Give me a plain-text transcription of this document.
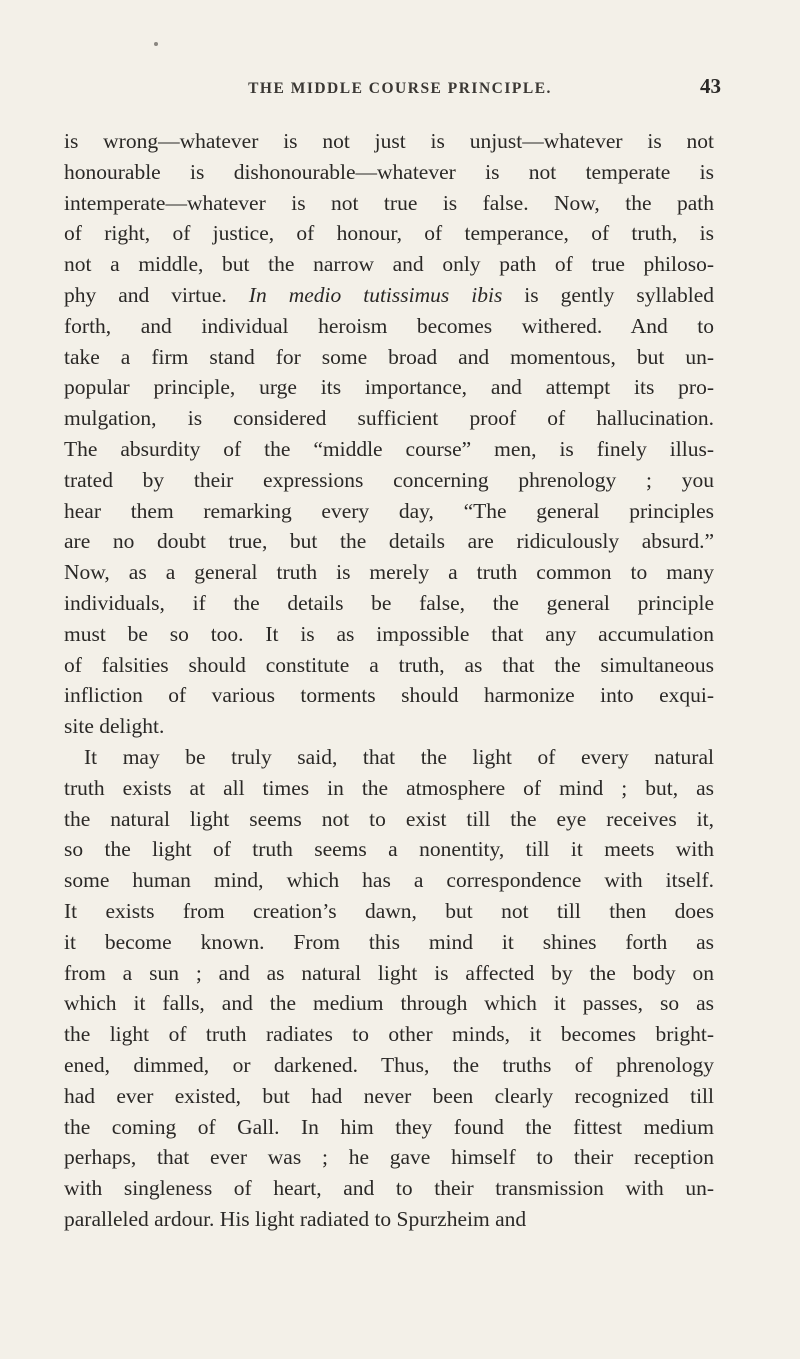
THE MIDDLE COURSE PRINCIPLE.	43
is wrong—whatever is not just is unjust—whatever is not
honourable is dishonourable—whatever is not temperate is
intemperate—whatever is not true is false. Now, the path
of right, of justice, of honour, of temperance, of truth, is
not a middle, but the narrow and only path of true philoso-
phy and virtue. In medio tutissimus ibis is gently syllabled
forth, and individual heroism becomes withered. And to
take a firm stand for some broad and momentous, but un-
popular principle, urge its importance, and attempt its pro-
mulgation, is considered sufficient proof of hallucination.
The absurdity of the “middle course” men, is finely illus-
trated by their expressions concerning phrenology ; you
hear them remarking every day, “The general principles
are no doubt true, but the details are ridiculously absurd.”
Now, as a general truth is merely a truth common to many
individuals, if the details be false, the general principle
must be so too. It is as impossible that any accumulation
of falsities should constitute a truth, as that the simultaneous
infliction of various torments should harmonize into exqui-
site delight.
It may be truly said, that the light of every natural
truth exists at all times in the atmosphere of mind ; but, as
the natural light seems not to exist till the eye receives it,
so the light of truth seems a nonentity, till it meets with
some human mind, which has a correspondence with itself.
It exists from creation’s dawn, but not till then does
it become known. From this mind it shines forth as
from a sun ; and as natural light is affected by the body on
which it falls, and the medium through which it passes, so as
the light of truth radiates to other minds, it becomes bright-
ened, dimmed, or darkened. Thus, the truths of phrenology
had ever existed, but had never been clearly recognized till
the coming of Gall. In him they found the fittest medium
perhaps, that ever was ; he gave himself to their reception
with singleness of heart, and to their transmission with un-
paralleled ardour. His light radiated to Spurzheim and
